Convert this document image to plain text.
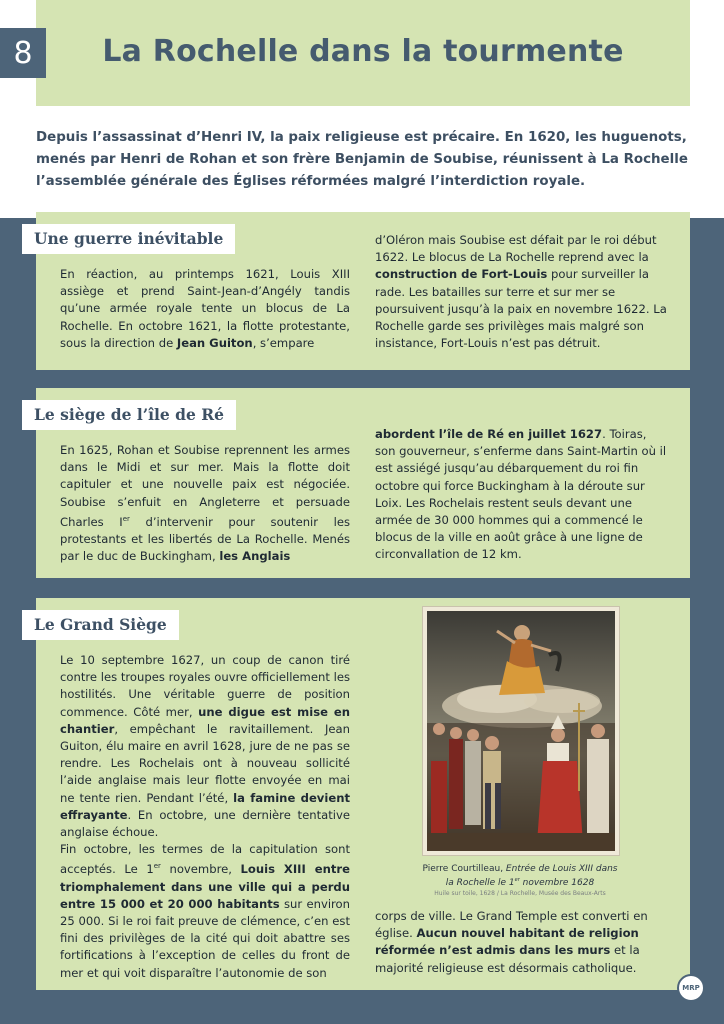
La Rochelle dans la tourmente
8

Depuis l’assassinat d’Henri IV, la paix religieuse est précaire. En 1620, les huguenots, menés par Henri de Rohan et son frère Benjamin de Soubise, réunissent à La Rochelle l’assemblée générale des Églises réformées malgré l’interdiction royale.

Une guerre inévitable

En réaction, au printemps 1621, Louis XIII assiège et prend Saint-Jean-d’Angély tandis qu’une armée royale tente un blocus de La Rochelle. En octobre 1621, la flotte protestante, sous la direction de Jean Guiton, s’empare

d’Oléron mais Soubise est défait par le roi début 1622. Le blocus de La Rochelle reprend avec la construction de Fort-Louis pour surveiller la rade. Les batailles sur terre et sur mer se poursuivent jusqu’à la paix en novembre 1622. La Rochelle garde ses privilèges mais malgré son insistance, Fort-Louis n’est pas détruit.

Le siège de l’île de Ré

En 1625, Rohan et Soubise reprennent les armes dans le Midi et sur mer. Mais la flotte doit capituler et une nouvelle paix est négociée. Soubise s’enfuit en Angleterre et persuade Charles Ier d’intervenir pour soutenir les protestants et les libertés de La Rochelle. Menés par le duc de Buckingham, les Anglais

abordent l’île de Ré en juillet 1627. Toiras, son gouverneur, s’enferme dans Saint-Martin où il est assiégé jusqu’au débarquement du roi fin octobre qui force Buckingham à la déroute sur Loix. Les Rochelais restent seuls devant une armée de 30 000 hommes qui a commencé le blocus de la ville en août grâce à une ligne de circonvallation de 12 km.

Le Grand Siège
Le 10 septembre 1627, un coup de canon tiré contre les troupes royales ouvre officiellement les hostilités. Une véritable guerre de position commence. Côté mer, une digue est mise en chantier, empêchant le ravitaillement. Jean Guiton, élu maire en avril 1628, jure de ne pas se rendre. Les Rochelais ont à nouveau sollicité l’aide anglaise mais leur flotte envoyée en mai ne tente rien. Pendant l’été, la famine devient effrayante. En octobre, une dernière tentative anglaise échoue.
Fin octobre, les termes de la capitulation sont acceptés. Le 1er novembre, Louis XIII entre triomphalement dans une ville qui a perdu entre 15 000 et 20 000 habitants sur environ 25 000. Si le roi fait preuve de clémence, c’en est fini des privilèges de la cité qui doit abattre ses fortifications à l’exception de celles du front de mer et qui voit disparaître l’autonomie de son

Pierre Courtilleau, Entrée de Louis XIII dans la Rochelle le 1er novembre 1628

Huile sur toile, 1628 / La Rochelle, Musée des Beaux-Arts

corps de ville. Le Grand Temple est converti en église. Aucun nouvel habitant de religion réformée n’est admis dans les murs et la majorité religieuse est désormais catholique.

MRP
